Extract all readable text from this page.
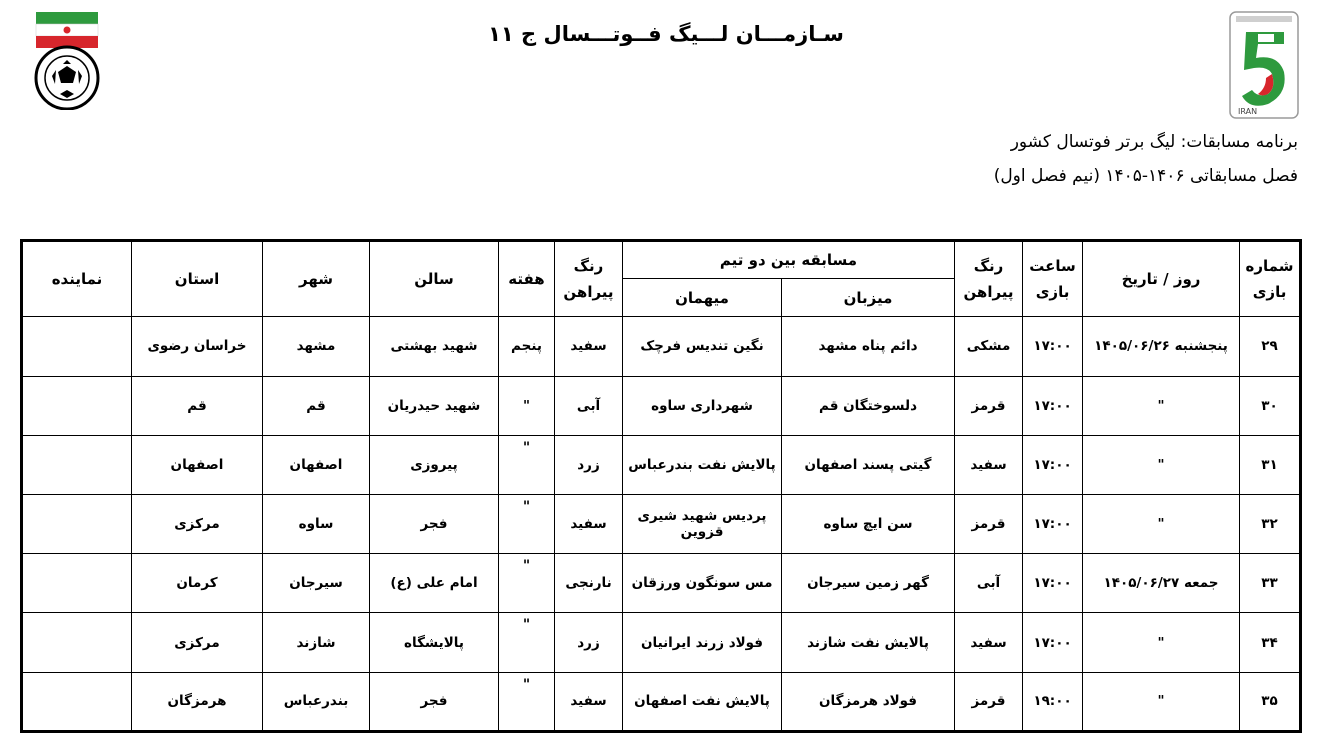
IRAN
سـازمـــان لـــیگ فــوتـــسال ج ۱۱
برنامه مسابقات: لیگ برتر فوتسال کشور
فصل مسابقاتی ۱۴۰۶-۱۴۰۵ (نیم فصل اول)
شماره بازی	روز / تاریخ	ساعت بازی	رنگ پیراهن	مسابقه بین دو تیم		رنگ پیراهن	هفته	سالن	شهر	استان	نماینده
				میزبان	میهمان						
۲۹	پنجشنبه ۱۴۰۵/۰۶/۲۶	۱۷:۰۰	مشکی	دائم پناه مشهد	نگین تندیس فرچک	سفید	پنجم	شهید بهشتی	مشهد	خراسان رضوی	
۳۰	"	۱۷:۰۰	قرمز	دلسوختگان قم	شهرداری ساوه	آبی	"	شهید حیدریان	قم	قم	
۳۱	"	۱۷:۰۰	سفید	گیتی پسند اصفهان	پالایش نفت بندرعباس	زرد	"	پیروزی	اصفهان	اصفهان	
۳۲	"	۱۷:۰۰	قرمز	سن ایچ ساوه	پردیس شهید شیری قزوین	سفید	"	فجر	ساوه	مرکزی	
۳۳	جمعه ۱۴۰۵/۰۶/۲۷	۱۷:۰۰	آبی	گهر زمین سیرجان	مس سونگون ورزقان	نارنجی	"	امام علی (ع)	سیرجان	کرمان	
۳۴	"	۱۷:۰۰	سفید	پالایش نفت شازند	فولاد زرند ایرانیان	زرد	"	پالایشگاه	شازند	مرکزی	
۳۵	"	۱۹:۰۰	قرمز	فولاد هرمزگان	پالایش نفت اصفهان	سفید	"	فجر	بندرعباس	هرمزگان	
